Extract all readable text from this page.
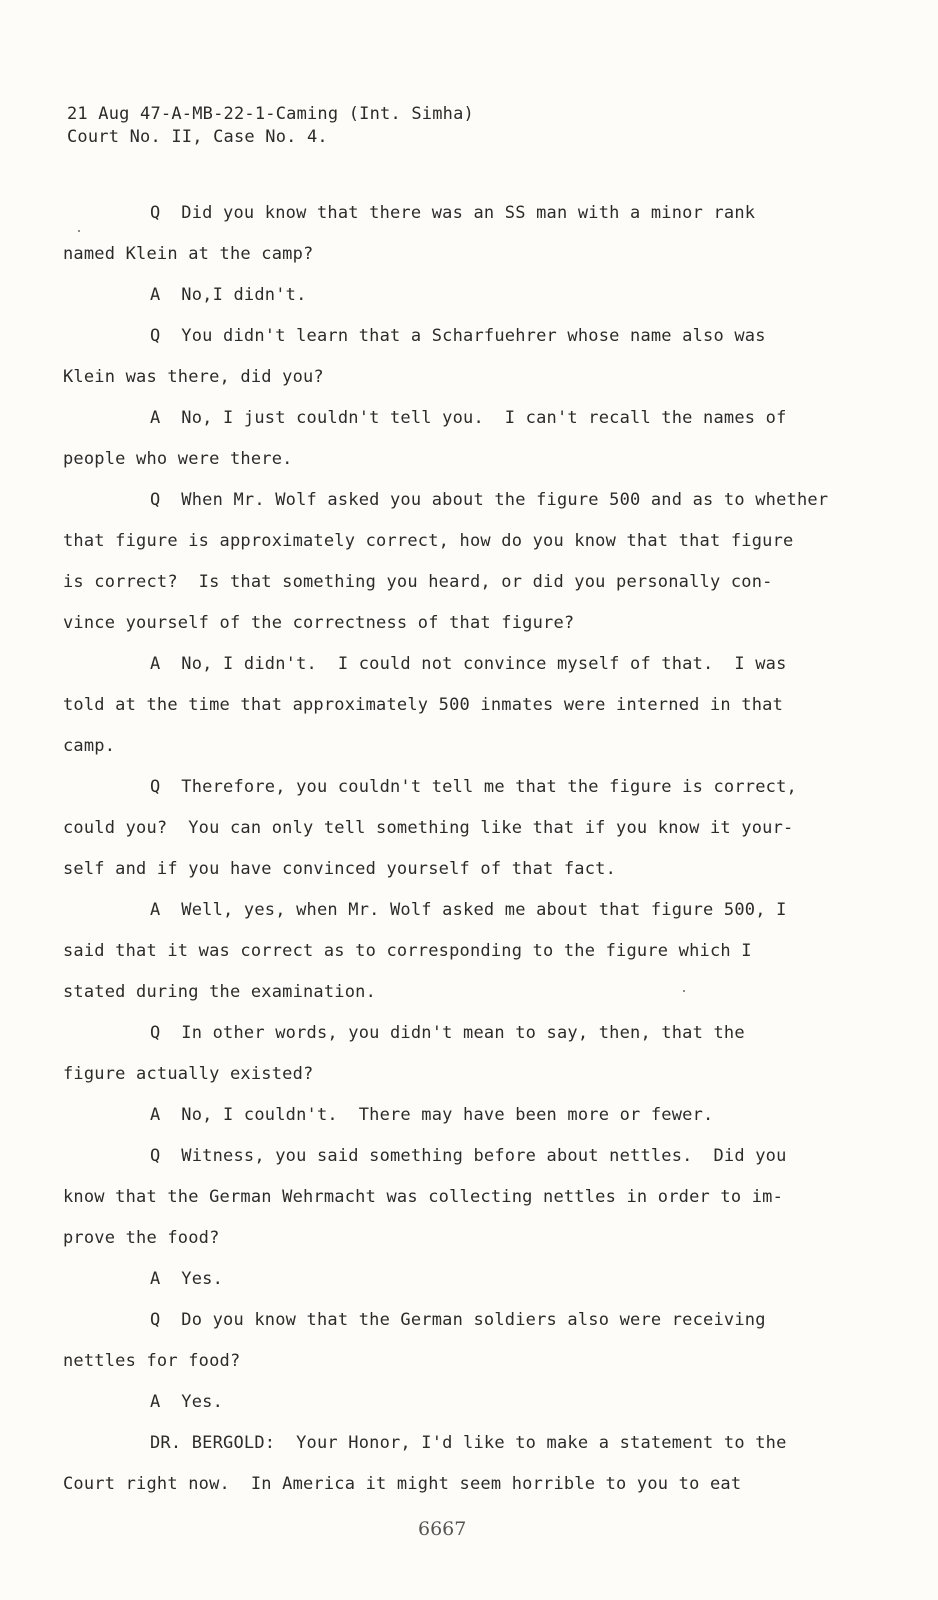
21 Aug 47-A-MB-22-1-Caming (Int. Simha)
Court No. II, Case No. 4.
Q  Did you know that there was an SS man with a minor rank
named Klein at the camp?
A  No,I didn't.
Q  You didn't learn that a Scharfuehrer whose name also was
Klein was there, did you?
A  No, I just couldn't tell you.  I can't recall the names of
people who were there.
Q  When Mr. Wolf asked you about the figure 500 and as to whether
that figure is approximately correct, how do you know that that figure
is correct?  Is that something you heard, or did you personally con-
vince yourself of the correctness of that figure?
A  No, I didn't.  I could not convince myself of that.  I was
told at the time that approximately 500 inmates were interned in that
camp.
Q  Therefore, you couldn't tell me that the figure is correct,
could you?  You can only tell something like that if you know it your-
self and if you have convinced yourself of that fact.
A  Well, yes, when Mr. Wolf asked me about that figure 500, I
said that it was correct as to corresponding to the figure which I
stated during the examination.
Q  In other words, you didn't mean to say, then, that the
figure actually existed?
A  No, I couldn't.  There may have been more or fewer.
Q  Witness, you said something before about nettles.  Did you
know that the German Wehrmacht was collecting nettles in order to im-
prove the food?
A  Yes.
Q  Do you know that the German soldiers also were receiving
nettles for food?
A  Yes.
DR. BERGOLD:  Your Honor, I'd like to make a statement to the
Court right now.  In America it might seem horrible to you to eat
6667
